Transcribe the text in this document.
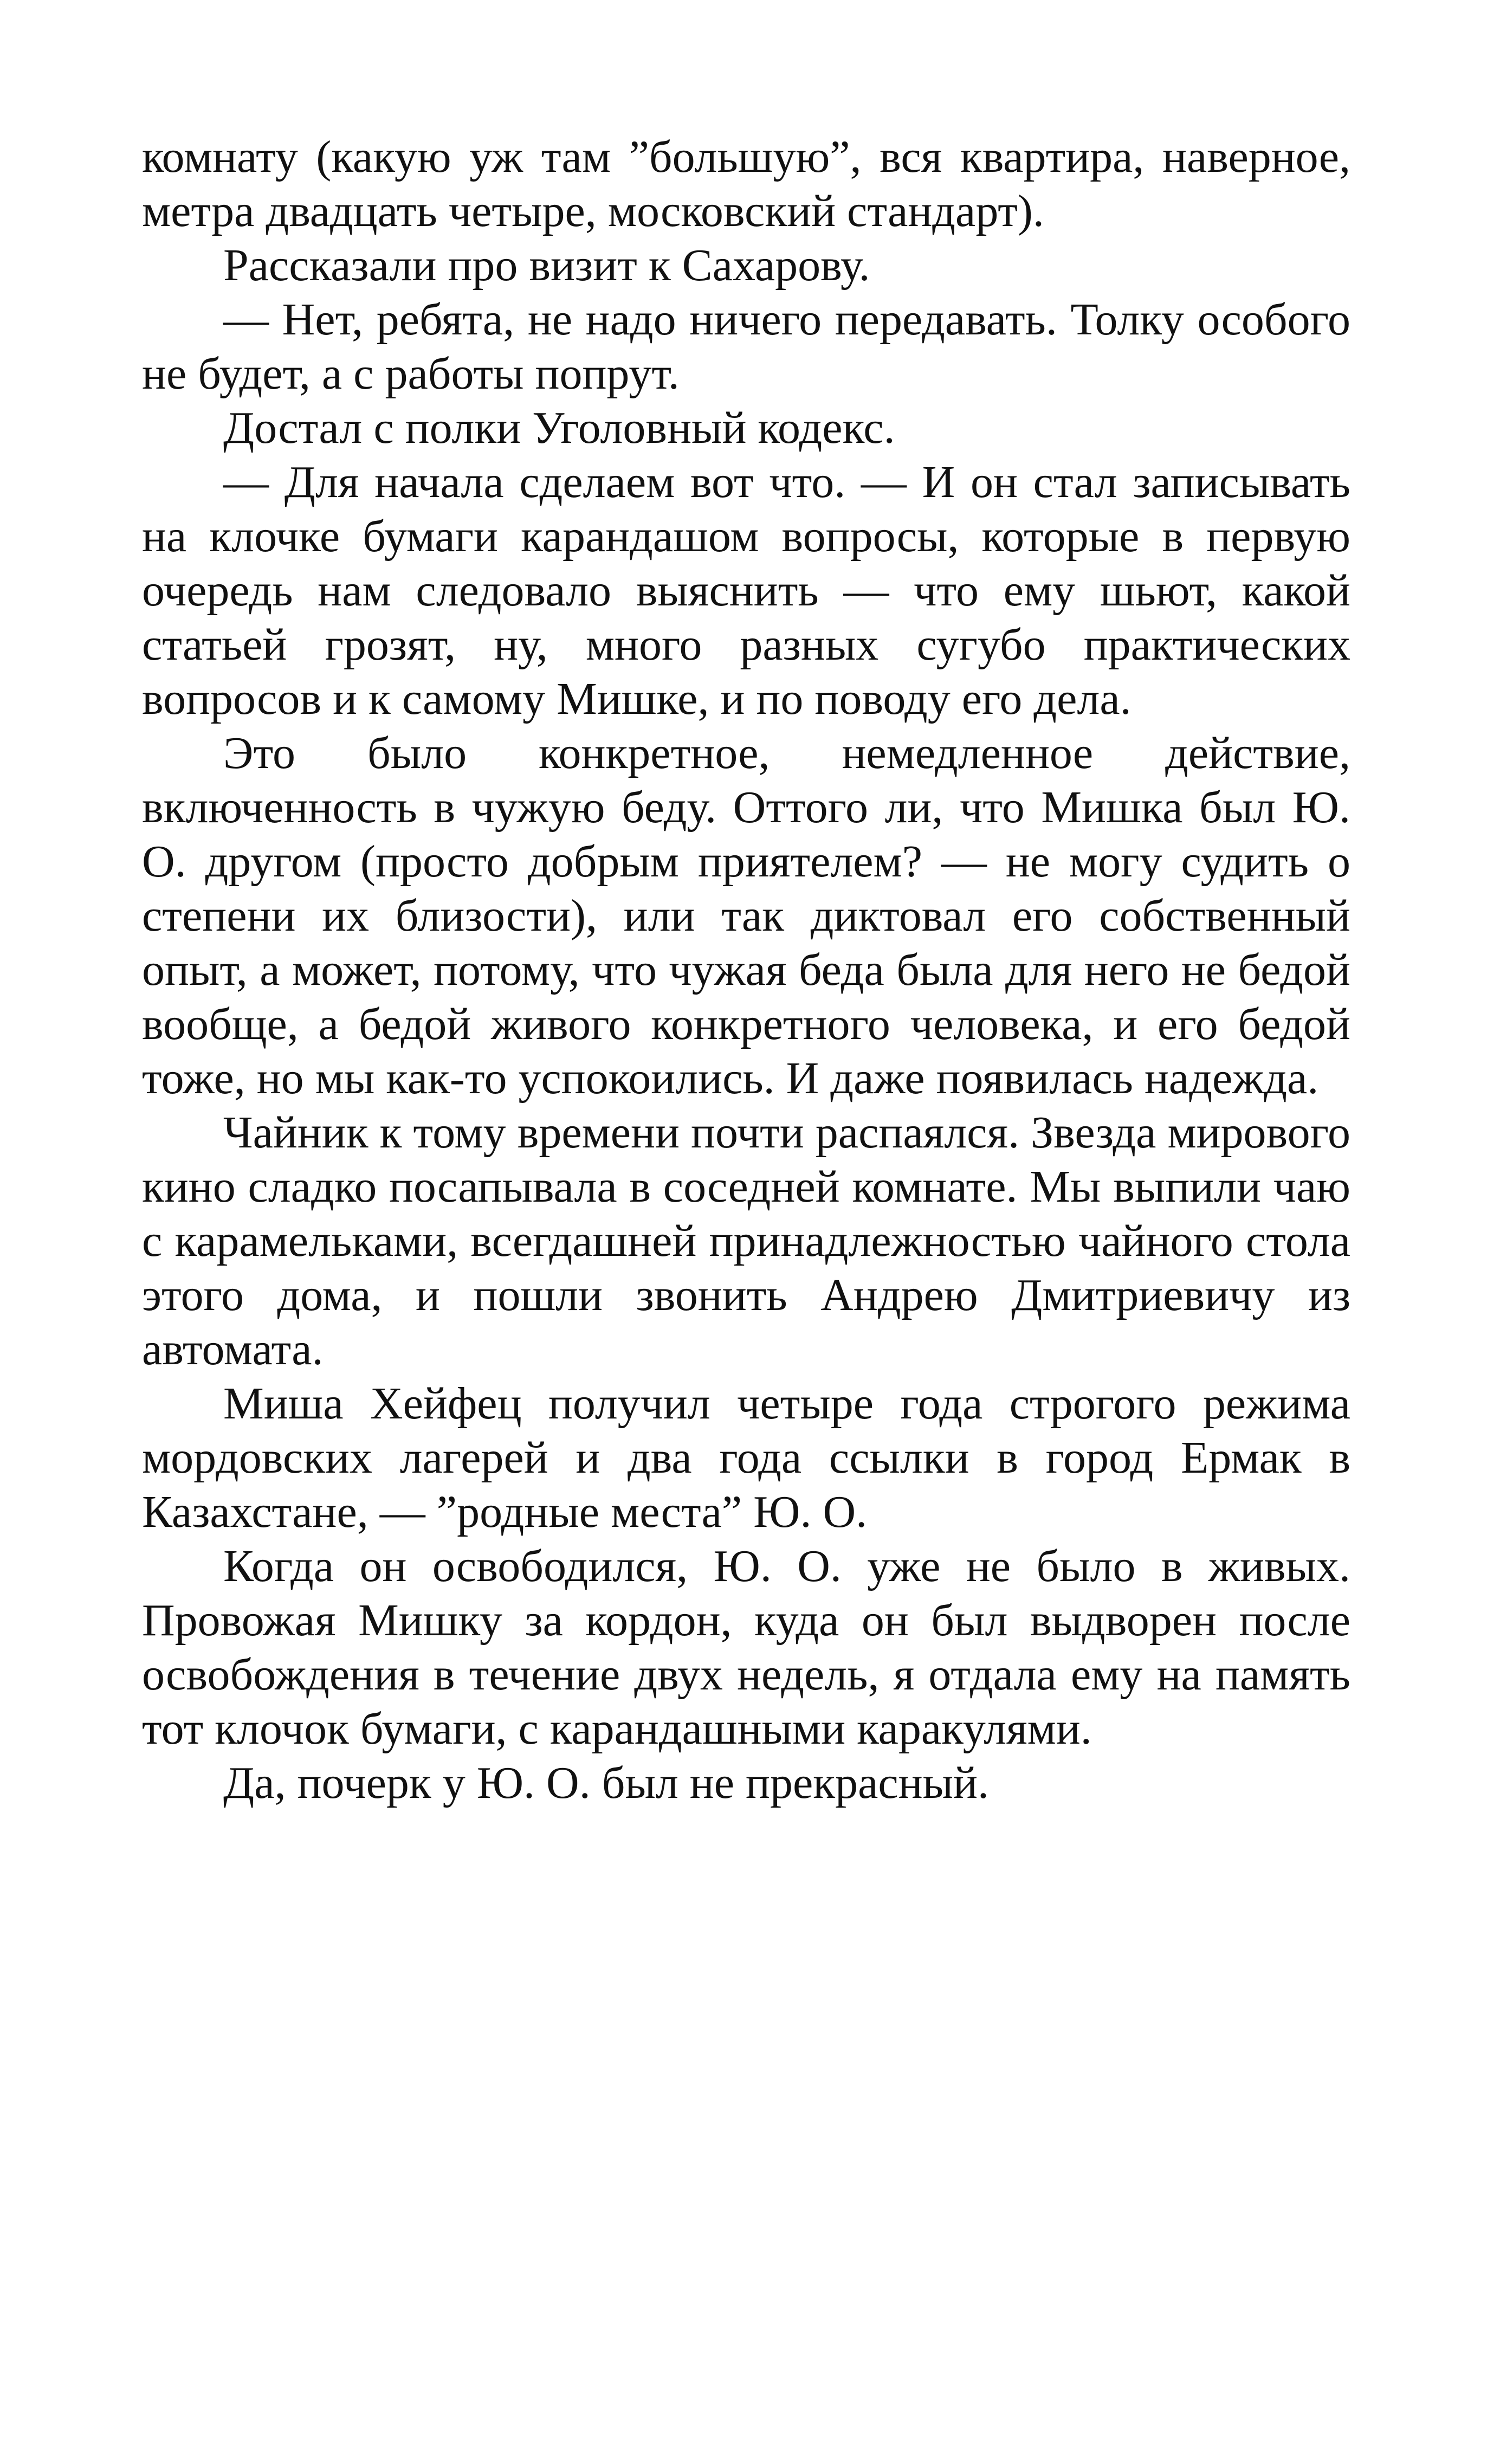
комнату (какую уж там ”большую”, вся квартира, наверное, метра двадцать четыре, московский стандарт).

Рассказали про визит к Сахарову.

— Нет, ребята, не надо ничего передавать. Толку особого не будет, а с работы попрут.

Достал с полки Уголовный кодекс.

— Для начала сделаем вот что. — И он стал записывать на клочке бумаги карандашом вопросы, которые в первую очередь нам следовало выяснить — что ему шьют, какой статьей грозят, ну, много разных сугубо практических вопросов и к самому Мишке, и по поводу его дела.

Это было конкретное, немедленное действие, включенность в чужую беду. Оттого ли, что Мишка был Ю. О. другом (просто добрым приятелем? — не могу судить о степени их близости), или так диктовал его собственный опыт, а может, потому, что чужая беда была для него не бедой вообще, а бедой живого конкретного человека, и его бедой тоже, но мы как-то успокоились. И даже появилась надежда.

Чайник к тому времени почти распаялся. Звезда мирового кино сладко посапывала в соседней комнате. Мы выпили чаю с карамельками, всегдашней принадлежностью чайного стола этого дома, и пошли звонить Андрею Дмитриевичу из автомата.

Миша Хейфец получил четыре года строгого режима мордовских лагерей и два года ссылки в город Ермак в Казахстане, — ”родные места” Ю. О.

Когда он освободился, Ю. О. уже не было в живых. Провожая Мишку за кордон, куда он был выдворен после освобождения в течение двух недель, я отдала ему на память тот клочок бумаги, с карандашными каракулями.

Да, почерк у Ю. О. был не прекрасный.
